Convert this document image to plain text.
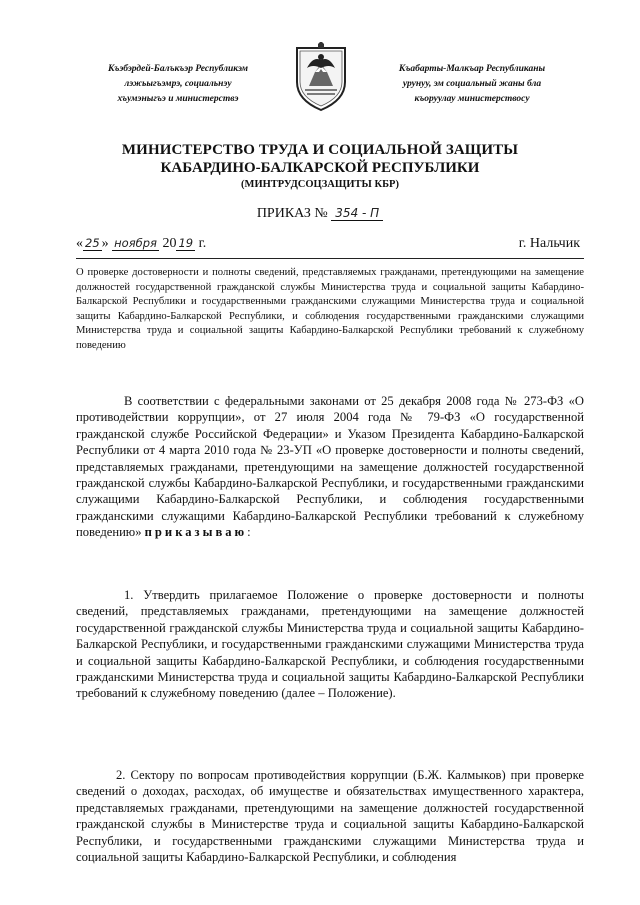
Къэбэрдей-Балъкъэр Республикэм
лэжьыгъэмрэ, социальнэу
хъумэныгъэ и министерствэ
Къабарты-Малкъар Республиканы
урунуу, эм социальный жаны бла
къоруулау министерствосу
МИНИСТЕРСТВО ТРУДА И СОЦИАЛЬНОЙ ЗАЩИТЫ
КАБАРДИНО-БАЛКАРСКОЙ РЕСПУБЛИКИ
(МИНТРУДСОЦЗАЩИТЫ КБР)
ПРИКАЗ № 354 - П
« 25 » ноября 20 19 г.	г. Нальчик
О проверке достоверности и полноты сведений, представляемых гражданами, претендующими на замещение должностей государственной гражданской службы Министерства труда и социальной защиты Кабардино-Балкарской Республики и государственными гражданскими служащими Министерства труда и социальной защиты Кабардино-Балкарской Республики, и соблюдения государственными гражданскими служащими Министерства труда и социальной защиты Кабардино-Балкарской Республики требований к служебному поведению
В соответствии с федеральными законами от 25 декабря 2008 года № 273-ФЗ «О противодействии коррупции», от 27 июля 2004 года № 79-ФЗ «О государственной гражданской службе Российской Федерации» и Указом Президента Кабардино-Балкарской Республики от 4 марта 2010 года № 23-УП «О проверке достоверности и полноты сведений, представляемых гражданами, претендующими на замещение должностей государственной гражданской службы Кабардино-Балкарской Республики, и государственными гражданскими служащими Кабардино-Балкарской Республики, и соблюдения государственными гражданскими служащими Кабардино-Балкарской Республики требований к служебному поведению» приказываю:
1. Утвердить прилагаемое Положение о проверке достоверности и полноты сведений, представляемых гражданами, претендующими на замещение должностей государственной гражданской службы Министерства труда и социальной защиты Кабардино-Балкарской Республики, и государственными гражданскими служащими Министерства труда и социальной защиты Кабардино-Балкарской Республики, и соблюдения государственными гражданскими Министерства труда и социальной защиты Кабардино-Балкарской Республики требований к служебному поведению (далее – Положение).
2. Сектору по вопросам противодействия коррупции (Б.Ж. Калмыков) при проверке сведений о доходах, расходах, об имуществе и обязательствах имущественного характера, представляемых гражданами, претендующими на замещение должностей государственной гражданской службы в Министерстве труда и социальной защиты Кабардино-Балкарской Республики, и государственными гражданскими служащими Министерства труда и социальной защиты Кабардино-Балкарской Республики, и соблюдения
